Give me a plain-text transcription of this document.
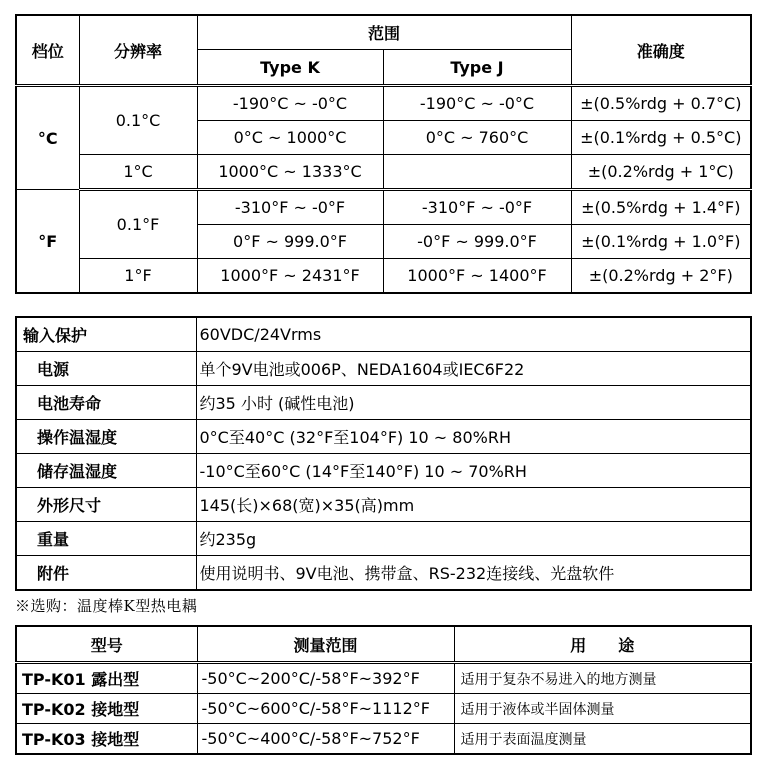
档位	分辨率	范围		准确度
		Type K	Type J	
°C	0.1°C	-190°C ~ -0°C	-190°C ~ -0°C	±(0.5%rdg + 0.7°C)
		0°C ~ 1000°C	0°C ~ 760°C	±(0.1%rdg + 0.5°C)
	1°C	1000°C ~ 1333°C		±(0.2%rdg + 1°C)
°F	0.1°F	-310°F ~ -0°F	-310°F ~ -0°F	±(0.5%rdg + 1.4°F)
		0°F ~ 999.0°F	-0°F ~ 999.0°F	±(0.1%rdg + 1.0°F)
	1°F	1000°F ~ 2431°F	1000°F ~ 1400°F	±(0.2%rdg + 2°F)
输入保护	60VDC/24Vrms
电源	单个9V电池或006P、NEDA1604或IEC6F22
电池寿命	约35 小时 (碱性电池)
操作温湿度	0°C至40°C (32°F至104°F) 10 ~ 80%RH
储存温湿度	-10°C至60°C (14°F至140°F) 10 ~ 70%RH
外形尺寸	145(长)×68(宽)×35(高)mm
重量	约235g
附件	使用说明书、9V电池、携带盒、RS-232连接线、光盘软件
※选购：温度棒K型热电耦
型号	测量范围	用　　途
TP-K01 露出型	-50°C~200°C/-58°F~392°F	适用于复杂不易进入的地方测量
TP-K02 接地型	-50°C~600°C/-58°F~1112°F	适用于液体或半固体测量
TP-K03 接地型	-50°C~400°C/-58°F~752°F	适用于表面温度测量
